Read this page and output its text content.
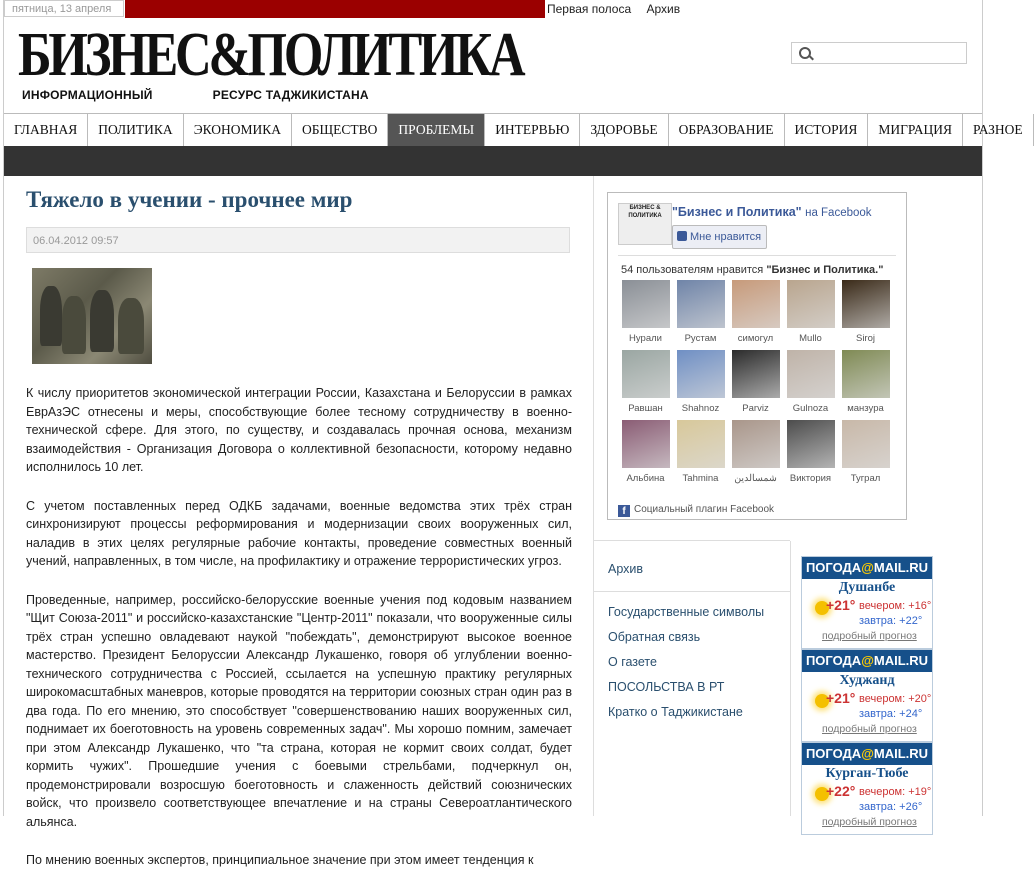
пятница, 13 апреля	Первая полоса Архив
БИЗНЕС&ПОЛИТИКА
ИНФОРМАЦИОННЫЙ	РЕСУРС ТАДЖИКИСТАНА
ГЛАВНАЯ	ПОЛИТИКА	ЭКОНОМИКА	ОБЩЕСТВО	ПРОБЛЕМЫ	ИНТЕРВЬЮ	ЗДОРОВЬЕ	ОБРАЗОВАНИЕ	ИСТОРИЯ	МИГРАЦИЯ	РАЗНОЕ
Тяжело в учении - прочнее мир
06.04.2012 09:57

К числу приоритетов экономической интеграции России, Казахстана и Белоруссии в рамках ЕврАзЭС отнесены и меры, способствующие более тесному сотрудничеству в военно-технической сфере. Для этого, по существу, и создавалась прочная основа, механизм взаимодействия - Организация Договора о коллективной безопасности, которому недавно исполнилось 10 лет.

С учетом поставленных перед ОДКБ задачами, военные ведомства этих трёх стран синхронизируют процессы реформирования и модернизации своих вооруженных сил, наладив в этих целях регулярные рабочие контакты, проведение совместных военный учений, направленных, в том числе, на профилактику и отражение террористических угроз.

Проведенные, например, российско-белорусские военные учения под кодовым названием "Щит Союза-2011" и российско-казахстанские "Центр-2011" показали, что вооруженные силы трёх стран успешно овладевают наукой "побеждать", демонстрируют высокое военное мастерство. Президент Белоруссии Александр Лукашенко, говоря об углублении военно-технического сотрудничества с Россией, ссылается на успешную практику регулярных широкомасштабных маневров, которые проводятся на территории союзных стран один раз в два года. По его мнению, это способствует "совершенствованию наших вооруженных сил, поднимает их боеготовность на уровень современных задач". Мы хорошо помним, замечает при этом Александр Лукашенко, что "та страна, которая не кормит своих солдат, будет кормить чужих". Прошедшие учения с боевыми стрельбами, подчеркнул он, продемонстрировали возросшую боеготовность и слаженность действий союзнических войск, что произвело соответствующее впечатление и на страны Североатлантического альянса.

По мнению военных экспертов, принципиальное значение при этом имеет тенденция к

БИЗНЕС & ПОЛИТИКА "Бизнес и Политика" на Facebook
Мне нравится
54 пользователям нравится "Бизнес и Политика."
Нурали	Рустам	симогул	Mullo	Siroj
Равшан	Shahnoz	Parviz	Gulnoza	манзура
Альбина	Tahmina	شمسالدين	Виктория	Туграл
f Социальный плагин Facebook
Архив
Государственные символы
Обратная связь
О газете
ПОСОЛЬСТВА В РТ
Кратко о Таджикистане
ПОГОДА@MAIL.RU
Душанбе
+21° вечером: +16°
завтра: +22°
подробный прогноз
ПОГОДА@MAIL.RU
Худжанд
+21° вечером: +20°
завтра: +24°
подробный прогноз
ПОГОДА@MAIL.RU
Курган-Тюбе
+22° вечером: +19°
завтра: +26°
подробный прогноз
